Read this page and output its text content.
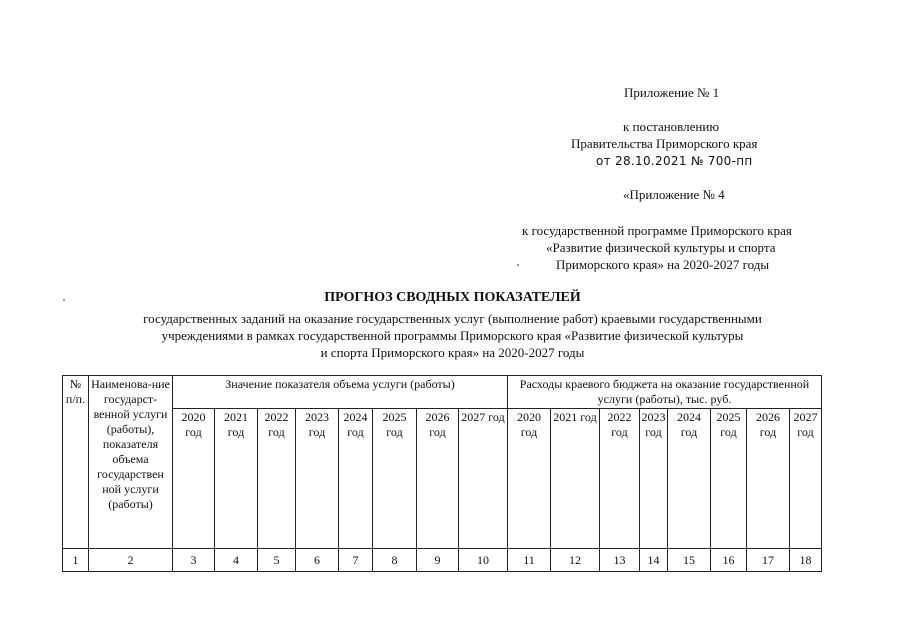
Приложение № 1
к постановлению
Правительства Приморского края
от 28.10.2021 № 700-пп
«Приложение № 4
к государственной программе Приморского края
«Развитие физической культуры и спорта
Приморского края» на 2020-2027 годы
ПРОГНОЗ СВОДНЫХ ПОКАЗАТЕЛЕЙ
государственных заданий на оказание государственных услуг (выполнение работ) краевыми государственными
учреждениями в рамках государственной программы Приморского края «Развитие физической культуры
и спорта Приморского края» на 2020-2027 годы
№ п/п.	Наименова-ние государст-венной услуги (работы), показателя объема государствен ной услуги (работы)	Значение показателя объема услуги (работы)								Расходы краевого бюджета на оказание государственной услуги (работы), тыс. руб.							
		2020 год	2021 год	2022 год	2023 год	2024 год	2025 год	2026 год	2027 год	2020 год	2021 год	2022 год	2023 год	2024 год	2025 год	2026 год	2027 год
1	2	3	4	5	6	7	8	9	10	11	12	13	14	15	16	17	18
